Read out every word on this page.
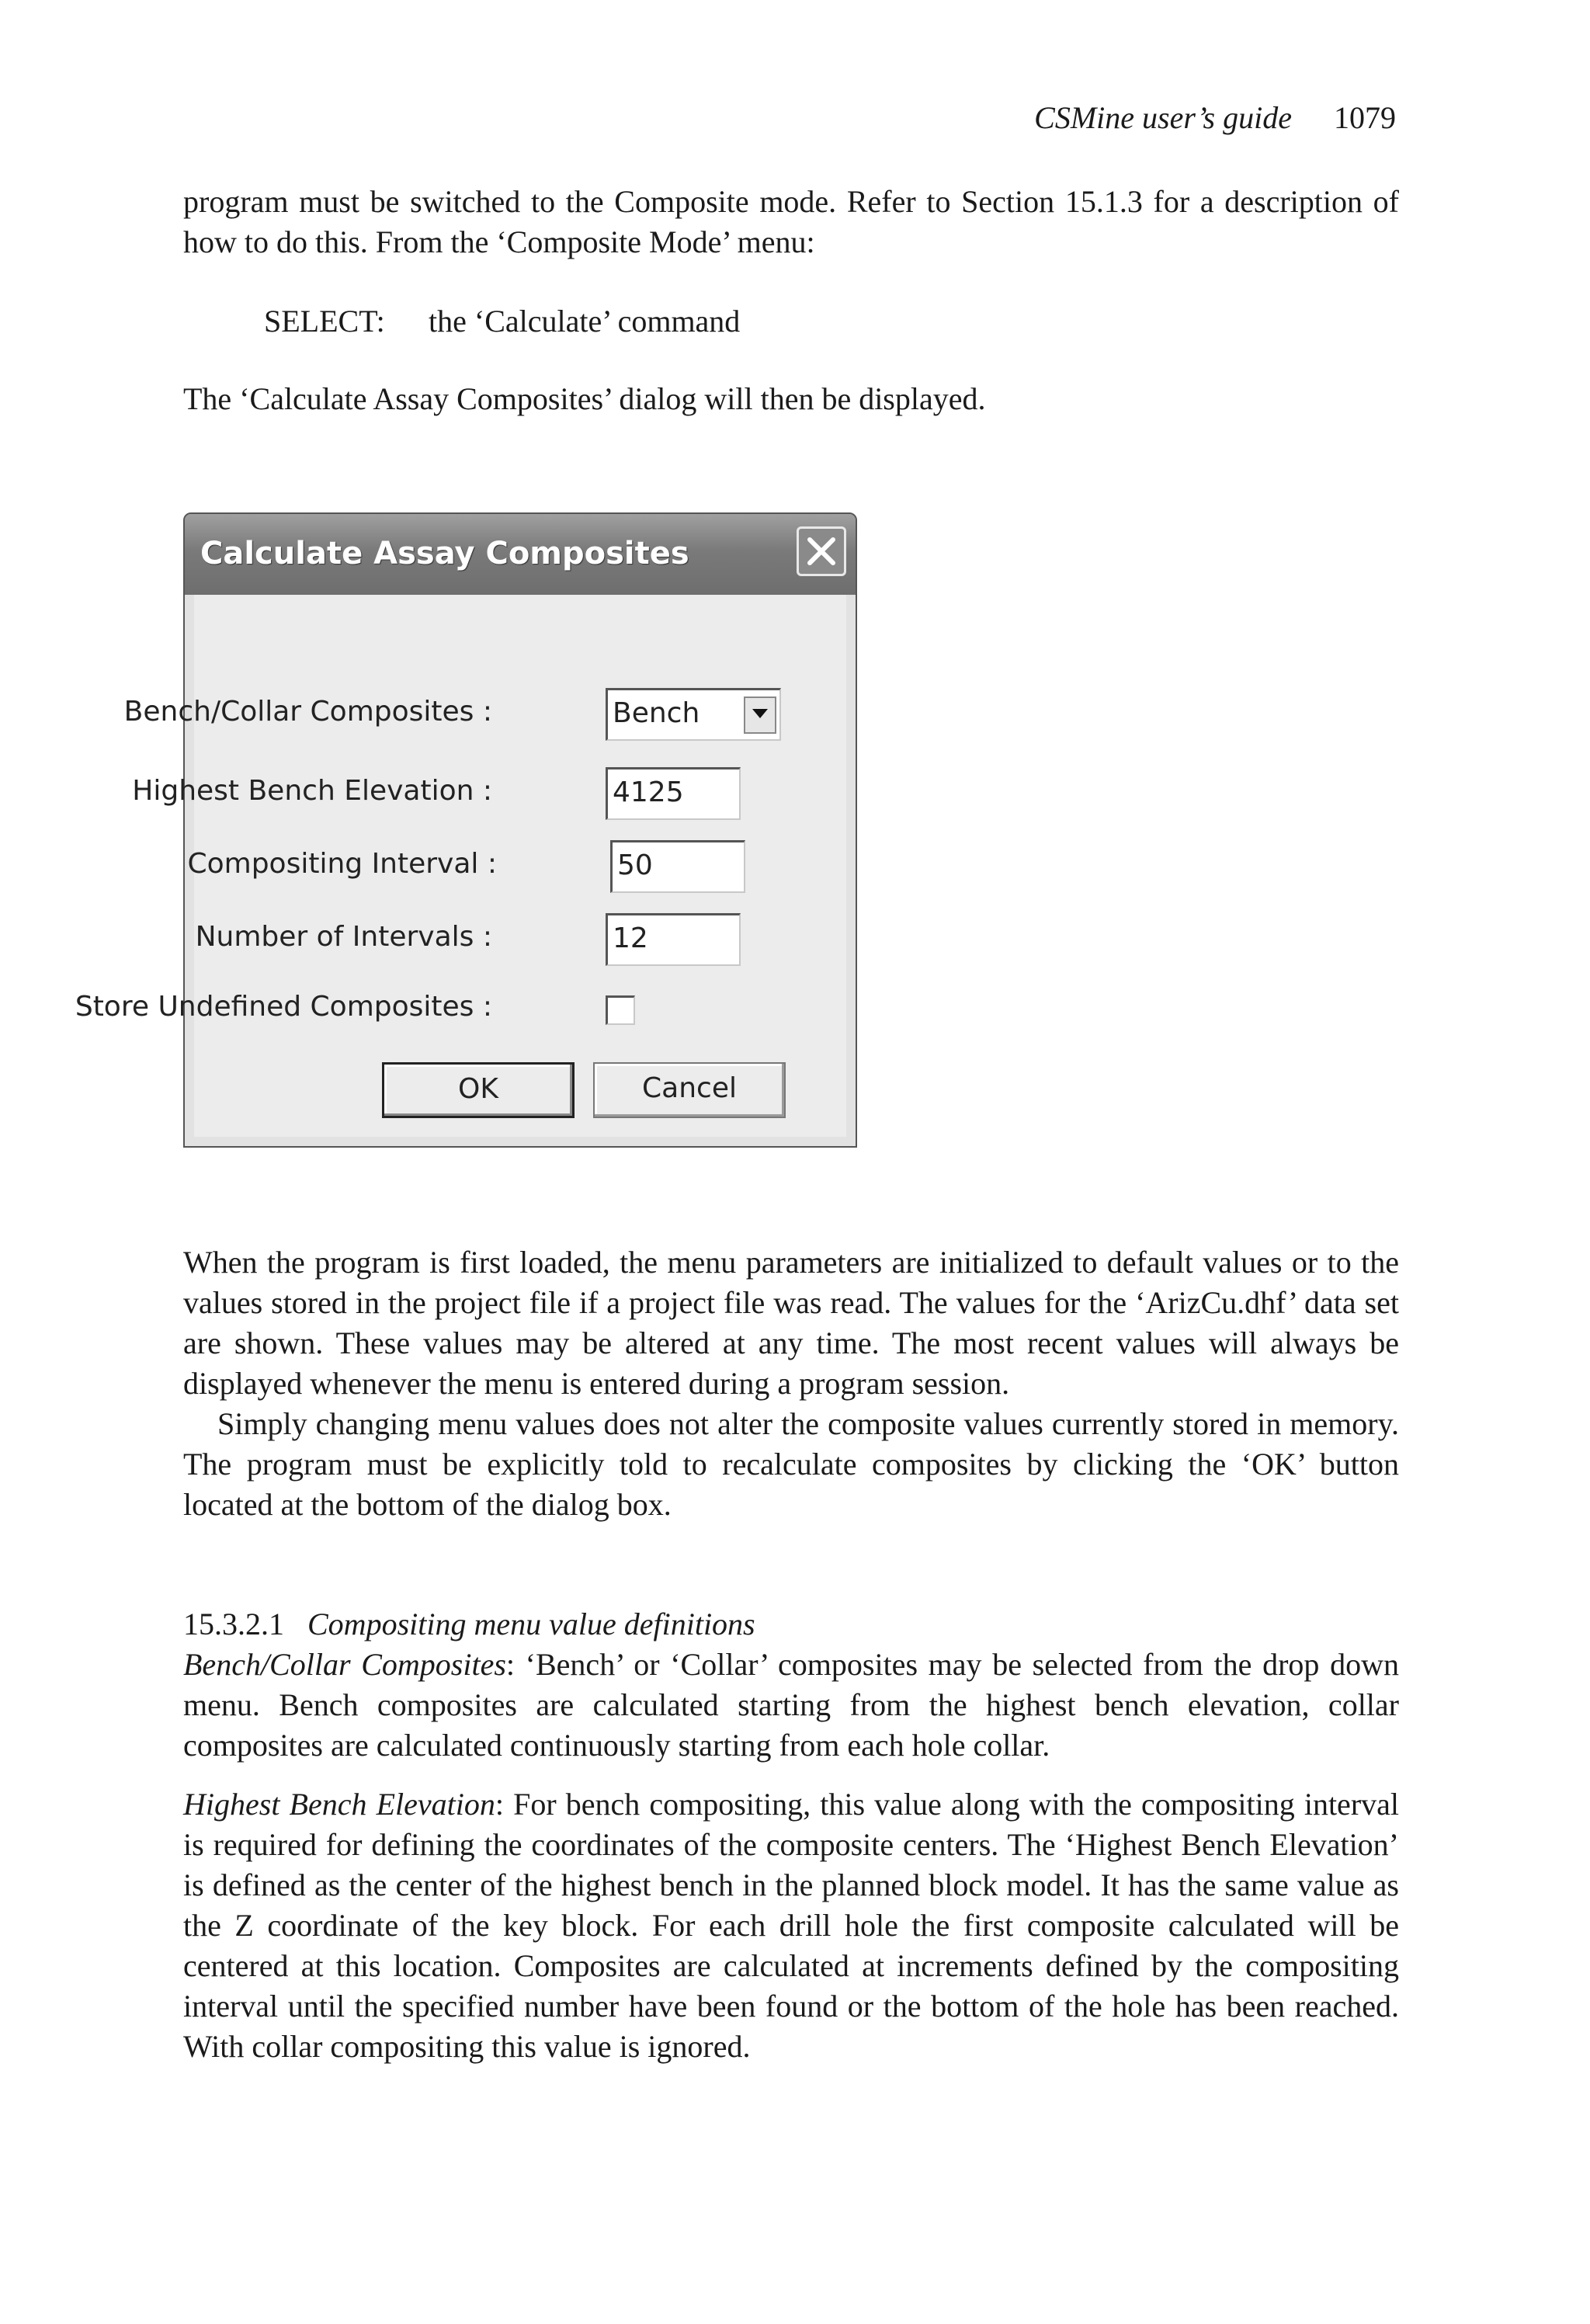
CSMine user’s guide 1079

program must be switched to the Composite mode. Refer to Section 15.1.3 for a description of how to do this. From the ‘Composite Mode’ menu:

SELECT: the ‘Calculate’ command

The ‘Calculate Assay Composites’ dialog will then be displayed.

Calculate Assay Composites
Bench/Collar Composites :	Bench
Highest Bench Elevation :	4125
Compositing Interval :	50
Number of Intervals :	12
Store Undefined Composites :
OK	Cancel

When the program is first loaded, the menu parameters are initialized to default values or to the values stored in the project file if a project file was read. The values for the ‘ArizCu.dhf’ data set are shown. These values may be altered at any time. The most recent values will always be displayed whenever the menu is entered during a program session.

Simply changing menu values does not alter the composite values currently stored in memory. The program must be explicitly told to recalculate composites by clicking the ‘OK’ button located at the bottom of the dialog box.

15.3.2.1 Compositing menu value definitions

Bench/Collar Composites: ‘Bench’ or ‘Collar’ composites may be selected from the drop down menu. Bench composites are calculated starting from the highest bench elevation, collar composites are calculated continuously starting from each hole collar.

Highest Bench Elevation: For bench compositing, this value along with the compositing interval is required for defining the coordinates of the composite centers. The ‘Highest Bench Elevation’ is defined as the center of the highest bench in the planned block model. It has the same value as the Z coordinate of the key block. For each drill hole the first composite calculated will be centered at this location. Composites are calculated at increments defined by the compositing interval until the specified number have been found or the bottom of the hole has been reached. With collar compositing this value is ignored.
